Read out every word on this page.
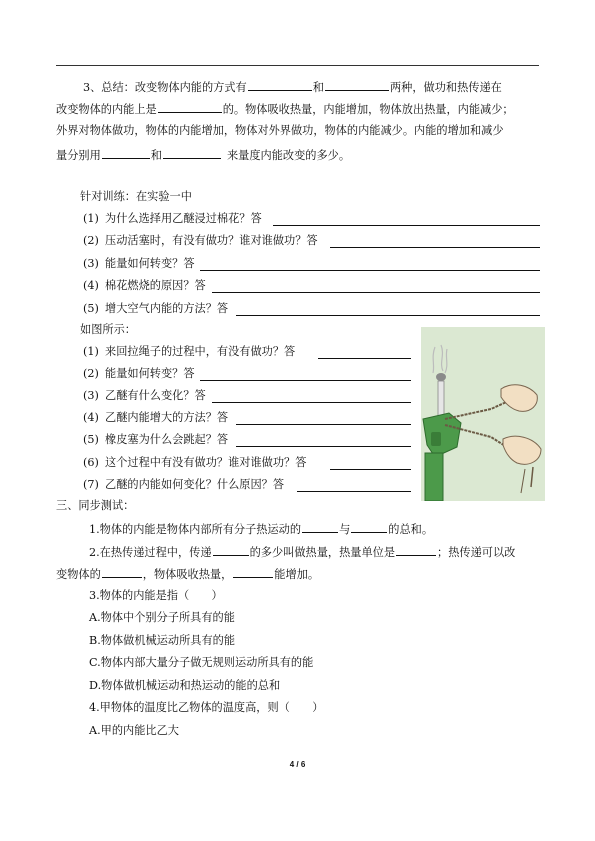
3、总结：改变物体内能的方式有	和	两种，做功和热传递在
改变物体的内能上是	的。物体吸收热量，内能增加，物体放出热量，内能减少；
外界对物体做功，物体的内能增加，物体对外界做功，物体的内能减少。内能的增加和减少
量分别用	和	来量度内能改变的多少。
针对训练：在实验一中
(1) 为什么选择用乙醚浸过棉花？答
(2) 压动活塞时，有没有做功？谁对谁做功？答
(3) 能量如何转变？答
(4) 棉花燃烧的原因？答
(5) 增大空气内能的方法？答
如图所示：
(1) 来回拉绳子的过程中，有没有做功？答
(2) 能量如何转变？答
(3) 乙醚有什么变化？答
(4) 乙醚内能增大的方法？答
(5) 橡皮塞为什么会跳起？答
(6) 这个过程中有没有做功？谁对谁做功？答
(7) 乙醚的内能如何变化？什么原因？答
三、同步测试：
1.物体的内能是物体内部所有分子热运动的	与	的总和。
2.在热传递过程中，传递	的多少叫做热量，热量单位是	；热传递可以改
变物体的	，物体吸收热量，	能增加。
3.物体的内能是指（　　）
A.物体中个别分子所具有的能
B.物体做机械运动所具有的能
C.物体内部大量分子做无规则运动所具有的能
D.物体做机械运动和热运动的能的总和
4.甲物体的温度比乙物体的温度高，则（　　）
A.甲的内能比乙大
4 / 6
